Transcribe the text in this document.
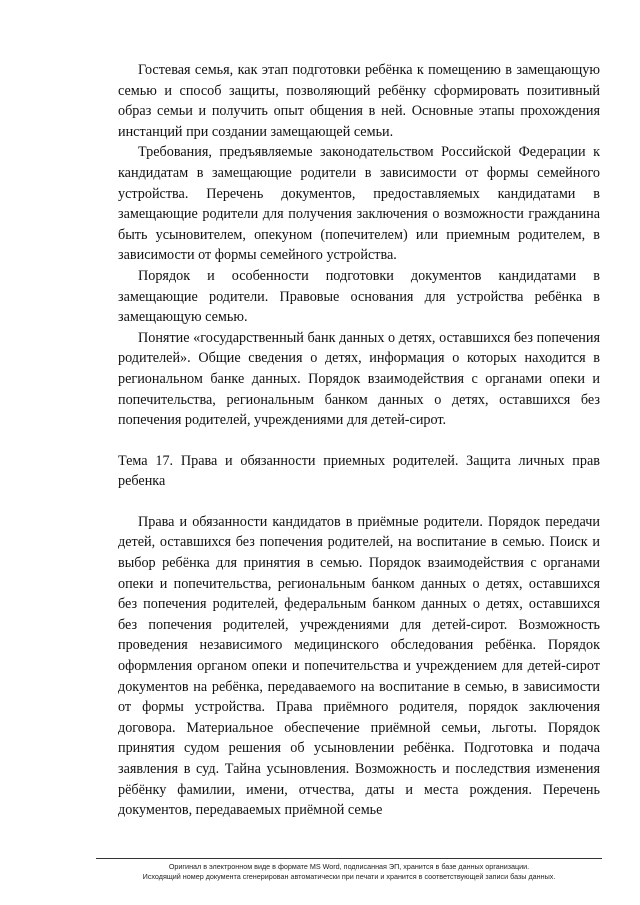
Гостевая семья, как этап подготовки ребёнка к помещению в замещающую семью и способ защиты, позволяющий ребёнку сформировать позитивный образ семьи и получить опыт общения в ней. Основные этапы прохождения инстанций при создании замещающей семьи.

Требования, предъявляемые законодательством Российской Федерации к кандидатам в замещающие родители в зависимости от формы семейного устройства. Перечень документов, предоставляемых кандидатами в замещающие родители для получения заключения о возможности гражданина быть усыновителем, опекуном (попечителем) или приемным родителем, в зависимости от формы семейного устройства.

Порядок и особенности подготовки документов кандидатами в замещающие родители. Правовые основания для устройства ребёнка в замещающую семью.

Понятие «государственный банк данных о детях, оставшихся без попечения родителей». Общие сведения о детях, информация о которых находится в региональном банке данных. Порядок взаимодействия с органами опеки и попечительства, региональным банком данных о детях, оставшихся без попечения родителей, учреждениями для детей-сирот.

Тема 17. Права и обязанности приемных родителей. Защита личных прав ребенка

Права и обязанности кандидатов в приёмные родители. Порядок передачи детей, оставшихся без попечения родителей, на воспитание в семью. Поиск и выбор ребёнка для принятия в семью. Порядок взаимодействия с органами опеки и попечительства, региональным банком данных о детях, оставшихся без попечения родителей, федеральным банком данных о детях, оставшихся без попечения родителей, учреждениями для детей-сирот. Возможность проведения независимого медицинского обследования ребёнка. Порядок оформления органом опеки и попечительства и учреждением для детей-сирот документов на ребёнка, передаваемого на воспитание в семью, в зависимости от формы устройства. Права приёмного родителя, порядок заключения договора. Материальное обеспечение приёмной семьи, льготы. Порядок принятия судом решения об усыновлении ребёнка. Подготовка и подача заявления в суд. Тайна усыновления. Возможность и последствия изменения рёбёнку фамилии, имени, отчества, даты и места рождения. Перечень документов, передаваемых приёмной семье

Оригинал в электронном виде в формате MS Word, подписанная ЭП, хранится в базе данных организации.
Исходящий номер документа сгенерирован автоматически при печати и хранится в соответствующей записи базы данных.
